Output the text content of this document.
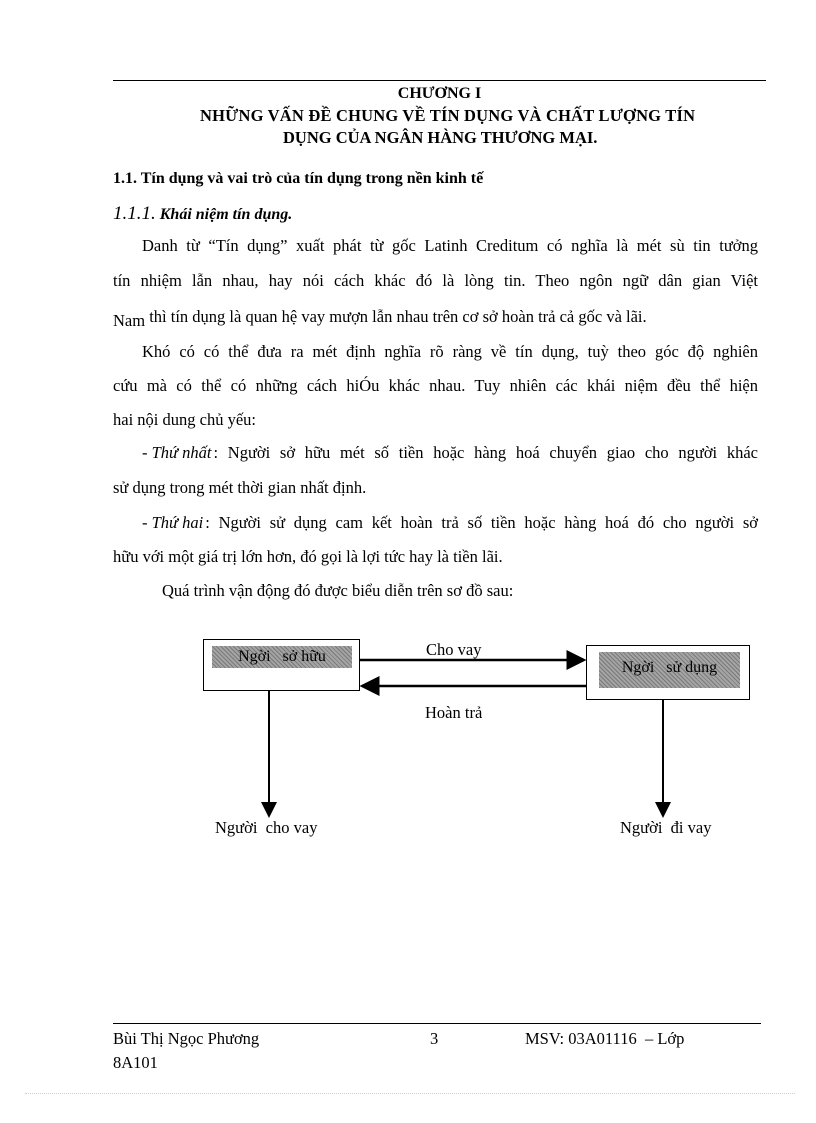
CHƯƠNG I
NHỮNG VẤN ĐỀ CHUNG VỀ TÍN DỤNG VÀ CHẤT LƯỢNG TÍN
DỤNG CỦA NGÂN HÀNG THƯƠNG MẠI.
1.1. Tín dụng và vai trò của tín dụng trong nền kinh tế
1.1.1. Khái niệm tín dụng.
Danh từ “Tín dụng” xuất phát từ gốc Latinh Creditum có nghĩa là mét sù tin tưởng
tín nhiệm lẫn nhau, hay nói cách khác đó là lòng tin. Theo ngôn ngữ dân gian Việt
Nam thì tín dụng là quan hệ vay mượn lẫn nhau trên cơ sở hoàn trả cả gốc và lãi.
Khó có có thể đưa ra mét định nghĩa rõ ràng về tín dụng, tuỳ theo góc độ nghiên
cứu mà có thể có những cách hiÓu khác nhau. Tuy nhiên các khái niệm đều thể hiện
hai nội dung chủ yếu:
- Thứ nhất : Người sở hữu mét số tiền hoặc hàng hoá chuyển giao cho người khác
sử dụng trong mét thời gian nhất định.
- Thứ hai : Người sử dụng cam kết hoàn trả số tiền hoặc hàng hoá đó cho người sở
hữu với một giá trị lớn hơn, đó gọi là lợi tức hay là tiền lãi.
Quá trình vận động đó được biểu diễn trên sơ đồ sau:
Ngời   sở hữu
Ngời   sử dụng
Cho vay
Hoàn trả
Người  cho vay	Người  đi vay
Bùi Thị Ngọc Phương	3	MSV: 03A01116  – Lớp
8A101
